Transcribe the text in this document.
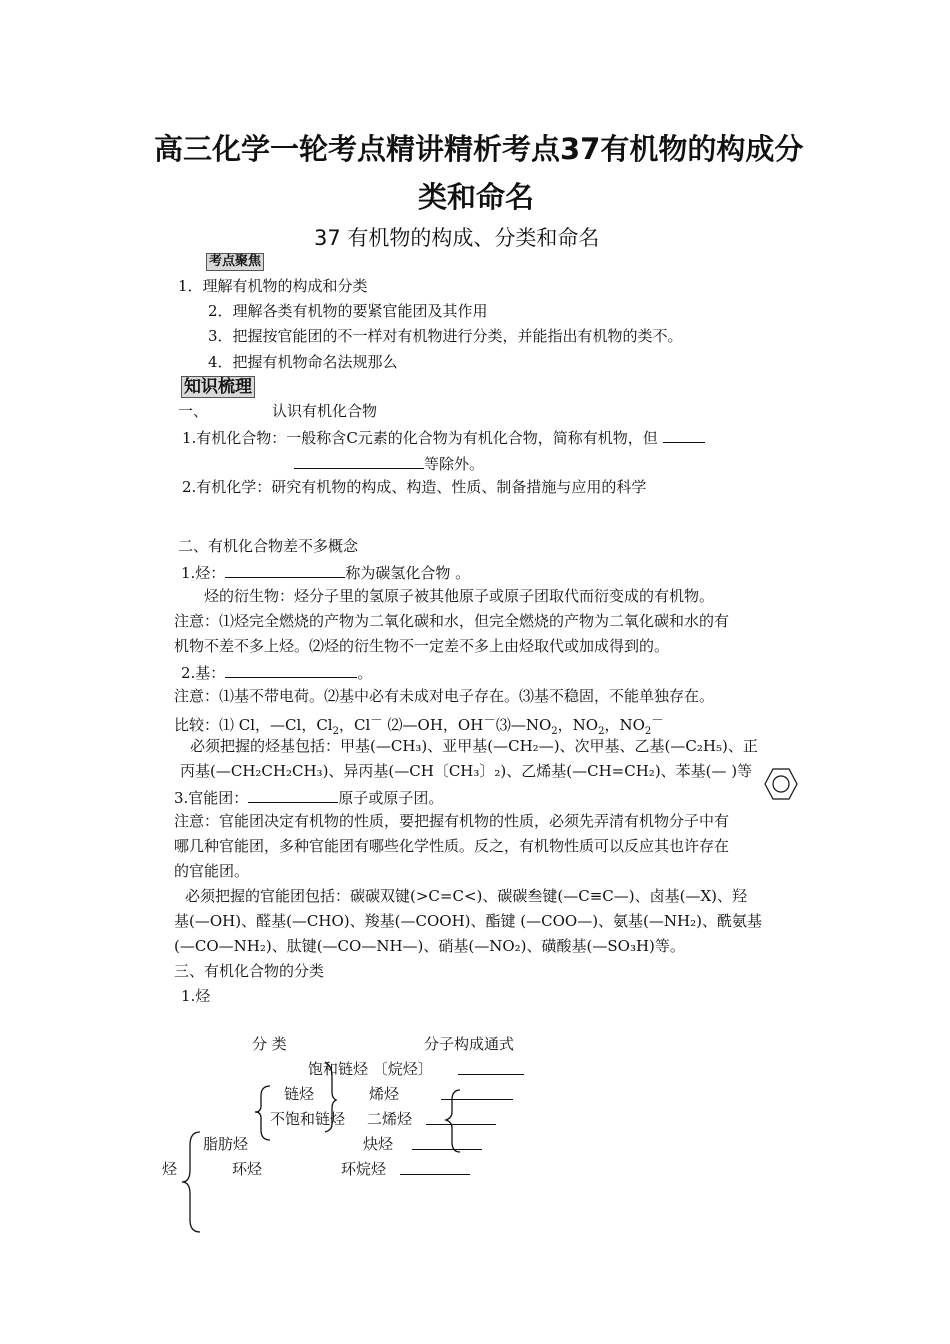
高三化学一轮考点精讲精析考点37有机物的构成分
类和命名
37 有机物的构成、分类和命名
考点聚焦
1．理解有机物的构成和分类
2．理解各类有机物的要紧官能团及其作用
3．把握按官能团的不一样对有机物进行分类，并能指出有机物的类不。
4．把握有机物命名法规那么
知识梳理
一、	认识有机化合物
1.有机化合物：一般称含C元素的化合物为有机化合物，简称有机物，但
等除外。
2.有机化学：研究有机物的构成、构造、性质、制备措施与应用的科学
二、有机化合物差不多概念
1.烃：	称为碳氢化合物 。
烃的衍生物：烃分子里的氢原子被其他原子或原子团取代而衍变成的有机物。
注意：⑴烃完全燃烧的产物为二氧化碳和水，但完全燃烧的产物为二氧化碳和水的有
机物不差不多上烃。⑵烃的衍生物不一定差不多上由烃取代或加成得到的。
2.基：	。
注意：⑴基不带电荷。⑵基中必有未成对电子存在。⑶基不稳固，不能单独存在。
比较：⑴ Cl，—Cl，$Cl_2$，Cl－ ⑵—OH，$OH^-⑶—NO_2$，$NO_2$，$NO_2^-$
必须把握的烃基包括：甲基(—CH₃)、亚甲基(—CH₂—)、次甲基、乙基(—C₂H₅)、正
丙基(—CH₂CH₂CH₃)、异丙基(—CH〔CH₃〕₂)、乙烯基(—CH=CH₂)、苯基(— )等
3.官能团：	原子或原子团。
注意：官能团决定有机物的性质，要把握有机物的性质，必须先弄清有机物分子中有
哪几种官能团，多种官能团有哪些化学性质。反之，有机物性质可以反应其也许存在
的官能团。
必须把握的官能团包括：碳碳双键(>C=C<)、碳碳叁键(—C≡C—)、卤基(—X)、羟
基(—OH)、醛基(—CHO)、羧基(—COOH)、酯键 (—COO—)、氨基(—NH₂)、酰氨基
(—CO—NH₂)、肽键(—CO—NH—)、硝基(—NO₂)、磺酸基(—SO₃H)等。
三、有机化合物的分类
1.烃
分 类	分子构成通式
饱和链烃 〔烷烃〕
链烃	烯烃
不饱和链烃 二烯烃
脂肪烃	炔烃
烃	环烃	环烷烃
